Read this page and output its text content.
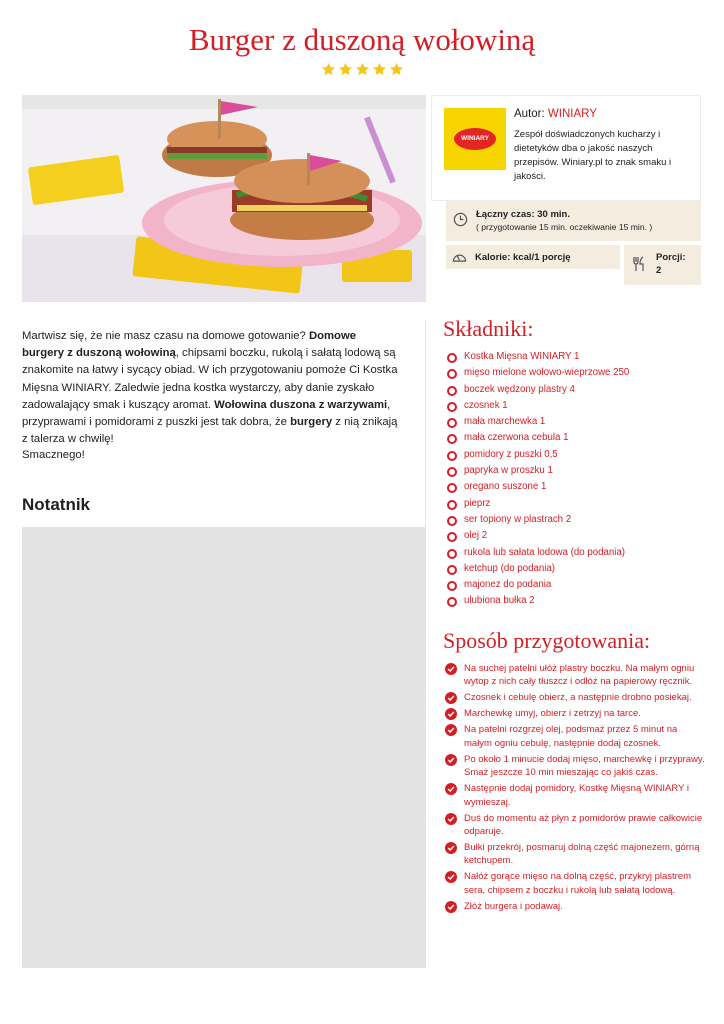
Burger z duszoną wołowiną

Martwisz się, że nie masz czasu na domowe gotowanie? Domowe burgery z duszoną wołowiną, chipsami boczku, rukolą i sałatą lodową są znakomite na łatwy i sycący obiad. W ich przygotowaniu pomoże Ci Kostka Mięsna WINIARY. Zaledwie jedna kostka wystarczy, aby danie zyskało zadowalający smak i kuszący aromat. Wołowina duszona z warzywami, przyprawami i pomidorami z puszki jest tak dobra, że burgery z nią znikają z talerza w chwilę!

Smacznego!

Notatnik
WINIARY

Autor: WINIARY

Zespół doświadczonych kucharzy i dietetyków dba o jakość naszych przepisów. Winiary.pl to znak smaku i jakości.

Łączny czas: 30 min.

( przygotowanie 15 min. oczekiwanie 15 min. )

Kalorie: kcal/1 porcję	Porcji:

2

Składniki:
Kostka Mięsna WINIARY 1
mięso mielone wołowo-wieprzowe 250
boczek wędzony plastry 4
czosnek 1
mała marchewka 1
mała czerwona cebula 1
pomidory z puszki 0,5
papryka w proszku 1
oregano suszone 1
pieprz
ser topiony w plastrach 2
olej 2
rukola lub sałata lodowa (do podania)
ketchup (do podania)
majonez do podania
ulubiona bułka 2
Sposób przygotowania:
Na suchej patelni ułóż plastry boczku. Na małym ogniu wytop z nich cały tłuszcz i odłóż na papierowy ręcznik.
Czosnek i cebulę obierz, a następnie drobno posiekaj.
Marchewkę umyj, obierz i zetrzyj na tarce.
Na patelni rozgrzej olej, podsmaż przez 5 minut na małym ogniu cebulę, następnie dodaj czosnek.
Po około 1 minucie dodaj mięso, marchewkę i przyprawy. Smaż jeszcze 10 min mieszając co jakiś czas.
Następnie dodaj pomidory, Kostkę Mięsną WINIARY i wymieszaj.
Duś do momentu aż płyn z pomidorów prawie całkowicie odparuje.
Bułki przekrój, posmaruj dolną część majonezem, górną ketchupem.
Nałóż gorące mięso na dolną część, przykryj plastrem sera, chipsem z boczku i rukolą lub sałatą lodową.
Złóż burgera i podawaj.
